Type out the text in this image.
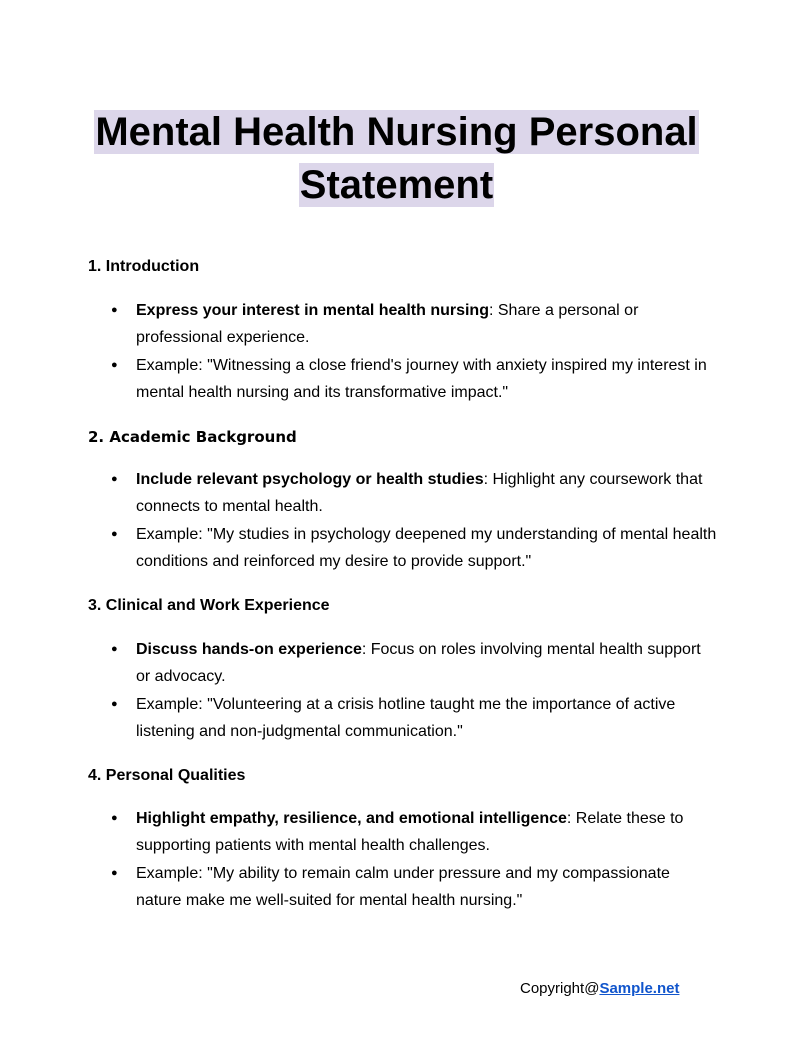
Mental Health Nursing Personal
Statement
1. Introduction
● Express your interest in mental health nursing: Share a personal or professional experience.
● Example: "Witnessing a close friend's journey with anxiety inspired my interest in mental health nursing and its transformative impact."
2. Academic Background
● Include relevant psychology or health studies: Highlight any coursework that connects to mental health.
● Example: "My studies in psychology deepened my understanding of mental health conditions and reinforced my desire to provide support."
3. Clinical and Work Experience
● Discuss hands-on experience: Focus on roles involving mental health support or advocacy.
● Example: "Volunteering at a crisis hotline taught me the importance of active listening and non-judgmental communication."
4. Personal Qualities
● Highlight empathy, resilience, and emotional intelligence: Relate these to supporting patients with mental health challenges.
● Example: "My ability to remain calm under pressure and my compassionate nature make me well-suited for mental health nursing."
Copyright@Sample.net
